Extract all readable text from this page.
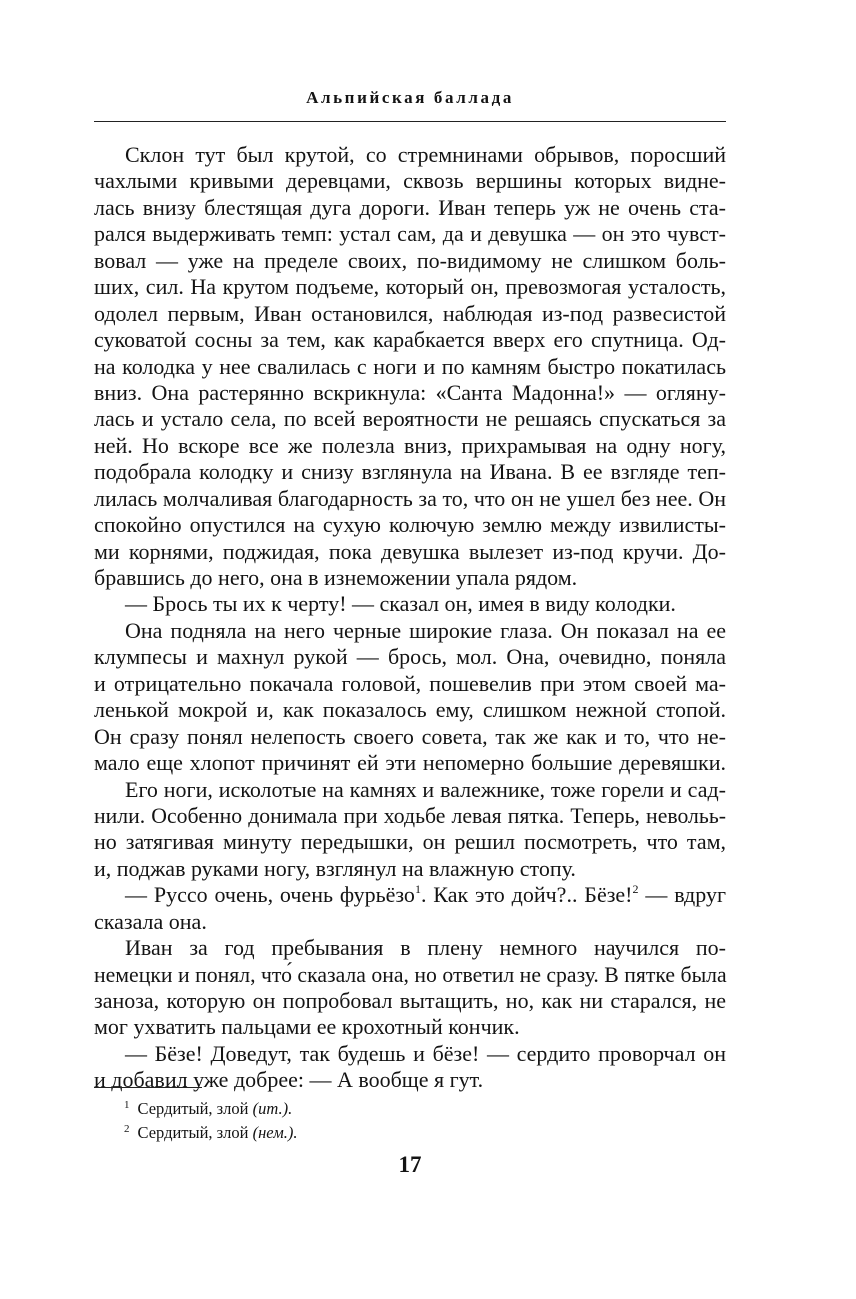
Альпийская баллада
Склон тут был крутой, со стремнинами обрывов, поросший
чахлыми кривыми деревцами, сквозь вершины которых видне-
лась внизу блестящая дуга дороги. Иван теперь уж не очень ста-
рался выдерживать темп: устал сам, да и девушка — он это чувст-
вовал — уже на пределе своих, по-видимому не слишком боль-
ших, сил. На крутом подъеме, который он, превозмогая усталость,
одолел первым, Иван остановился, наблюдая из-под развесистой
суковатой сосны за тем, как карабкается вверх его спутница. Од-
на колодка у нее свалилась с ноги и по камням быстро покатилась
вниз. Она растерянно вскрикнула: «Санта Мадонна!» — огляну-
лась и устало села, по всей вероятности не решаясь спускаться за
ней. Но вскоре все же полезла вниз, прихрамывая на одну ногу,
подобрала колодку и снизу взглянула на Ивана. В ее взгляде теп-
лилась молчаливая благодарность за то, что он не ушел без нее. Он
спокойно опустился на сухую колючую землю между извилисты-
ми корнями, поджидая, пока девушка вылезет из-под кручи. До-
бравшись до него, она в изнеможении упала рядом.
— Брось ты их к черту! — сказал он, имея в виду колодки.
Она подняла на него черные широкие глаза. Он показал на ее
клумпесы и махнул рукой — брось, мол. Она, очевидно, поняла
и отрицательно покачала головой, пошевелив при этом своей ма-
ленькой мокрой и, как показалось ему, слишком нежной стопой.
Он сразу понял нелепость своего совета, так же как и то, что не-
мало еще хлопот причинят ей эти непомерно большие деревяшки.
Его ноги, исколотые на камнях и валежнике, тоже горели и сад-
нили. Особенно донимала при ходьбе левая пятка. Теперь, невольь-
но затягивая минуту передышки, он решил посмотреть, что там,
и, поджав руками ногу, взглянул на влажную стопу.
— Руссо очень, очень фурьёзо$^1$. Как это дойч?.. Бёзе!$^2$ — вдруг
сказала она.
Иван за год пребывания в плену немного научился по-
немецки и понял, что́ сказала она, но ответил не сразу. В пятке была
заноза, которую он попробовал вытащить, но, как ни старался, не
мог ухватить пальцами ее крохотный кончик.
— Бёзе! Доведут, так будешь и бёзе! — сердито проворчал он
и добавил уже добрее: — А вообще я гут.
$^1$ Сердитый, злой (ит.).
$^2$ Сердитый, злой (нем.).
17
